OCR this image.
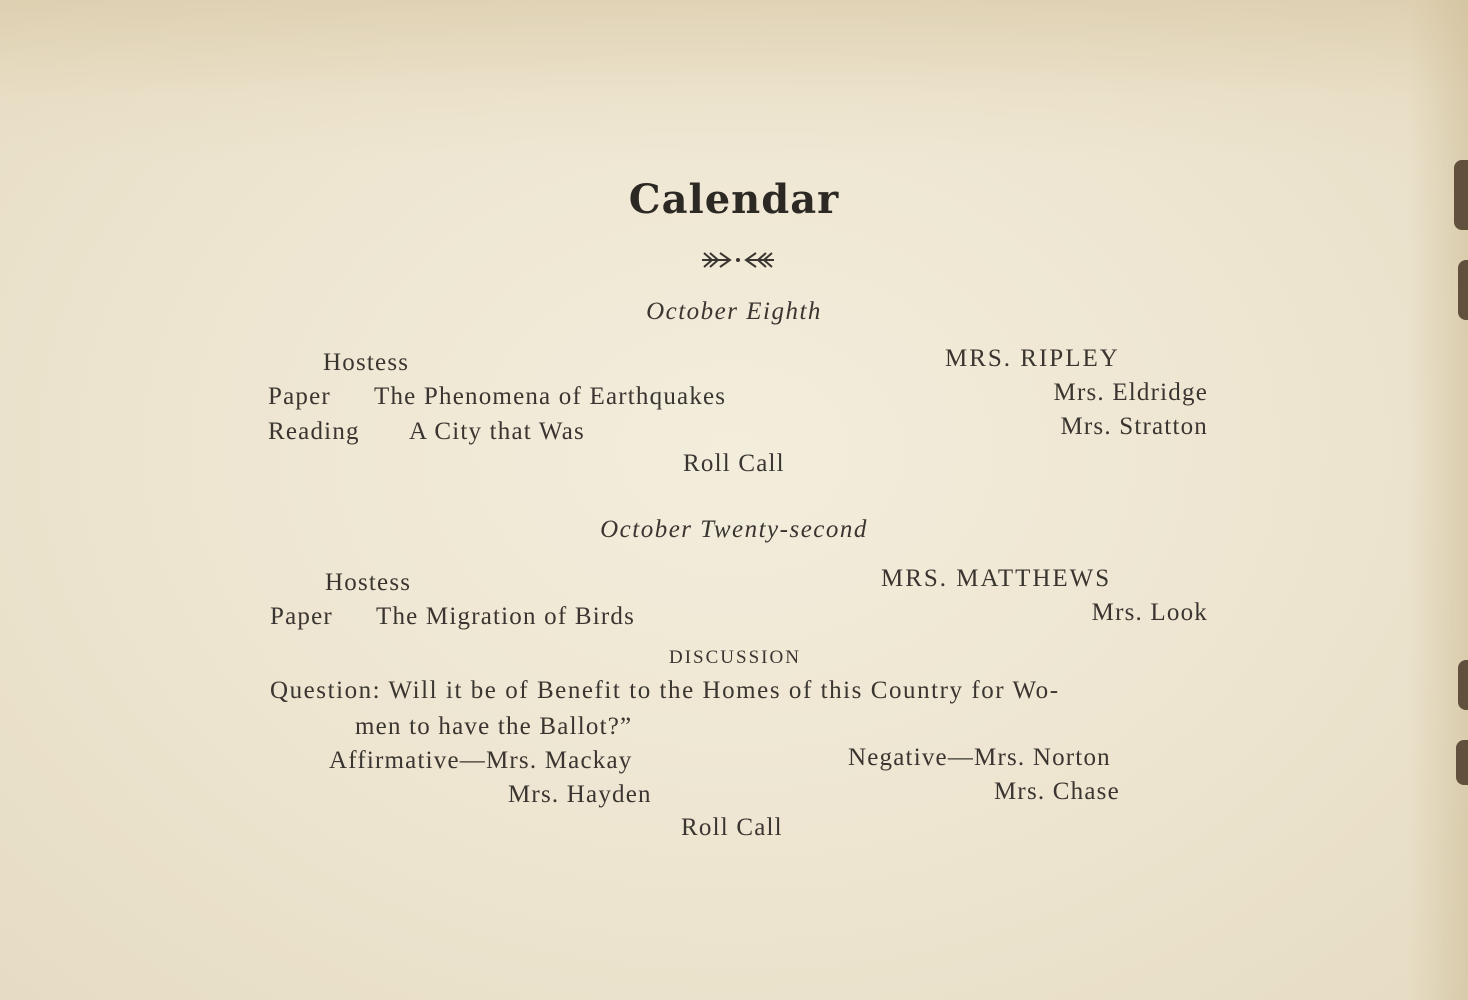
Calendar
October Eighth
Hostess	MRS. RIPLEY
Paper The Phenomena of Earthquakes	Mrs. Eldridge
Reading A City that Was	Mrs. Stratton
Roll Call
October Twenty-second
Hostess	MRS. MATTHEWS
Paper The Migration of Birds	Mrs. Look
DISCUSSION
Question: Will it be of Benefit to the Homes of this Country for Wo-
men to have the Ballot?”
Affirmative—Mrs. Mackay
Mrs. Hayden
Negative—Mrs. Norton
Mrs. Chase
Roll Call
